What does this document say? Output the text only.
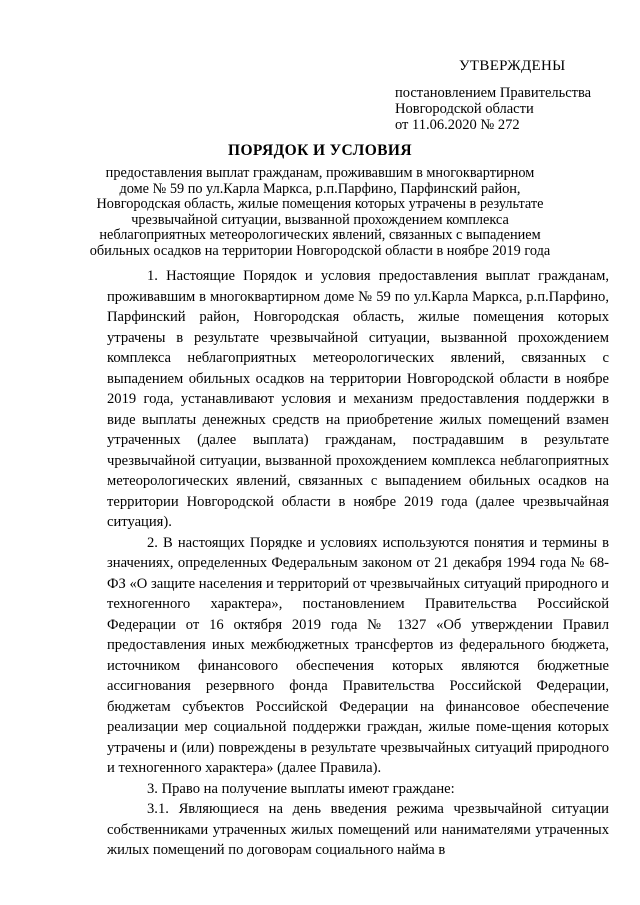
УТВЕРЖДЕНЫ
постановлением Правительства
Новгородской области
от 11.06.2020 № 272
ПОРЯДОК И УСЛОВИЯ
предоставления выплат гражданам, проживавшим в многоквартирном
доме № 59 по ул.Карла Маркса, р.п.Парфино, Парфинский район,
Новгородская область, жилые помещения которых утрачены в результате
чрезвычайной ситуации, вызванной прохождением комплекса
неблагоприятных метеорологических явлений, связанных с выпадением
обильных осадков на территории Новгородской области в ноябре 2019 года

1. Настоящие Порядок и условия предоставления выплат гражданам, проживавшим в многоквартирном доме № 59 по ул.Карла Маркса, р.п.Парфино, Парфинский район, Новгородская область, жилые помещения которых утрачены в результате чрезвычайной ситуации, вызванной прохождением комплекса неблагоприятных метеорологических явлений, связанных с выпадением обильных осадков на территории Новгородской области в ноябре 2019 года, устанавливают условия и механизм предоставления поддержки в виде выплаты денежных средств на приобретение жилых помещений взамен утраченных (далее выплата) гражданам, пострадавшим в результате чрезвычайной ситуации, вызванной прохождением комплекса неблагоприятных метеорологических явлений, связанных с выпадением обильных осадков на территории Новгородской области в ноябре 2019 года (далее чрезвычайная ситуация).

2. В настоящих Порядке и условиях используются понятия и термины в значениях, определенных Федеральным законом от 21 декабря 1994 года № 68-ФЗ «О защите населения и территорий от чрезвычайных ситуаций природного и техногенного характера», постановлением Правительства Российской Федерации от 16 октября 2019 года № 1327 «Об утверждении Правил предоставления иных межбюджетных трансфертов из федерального бюджета, источником финансового обеспечения которых являются бюджетные ассигнования резервного фонда Правительства Российской Федерации, бюджетам субъектов Российской Федерации на финансовое обеспечение реализации мер социальной поддержки граждан, жилые поме-щения которых утрачены и (или) повреждены в результате чрезвычайных ситуаций природного и техногенного характера» (далее Правила).

3. Право на получение выплаты имеют граждане:

3.1. Являющиеся на день введения режима чрезвычайной ситуации собственниками утраченных жилых помещений или нанимателями утраченных жилых помещений по договорам социального найма в
